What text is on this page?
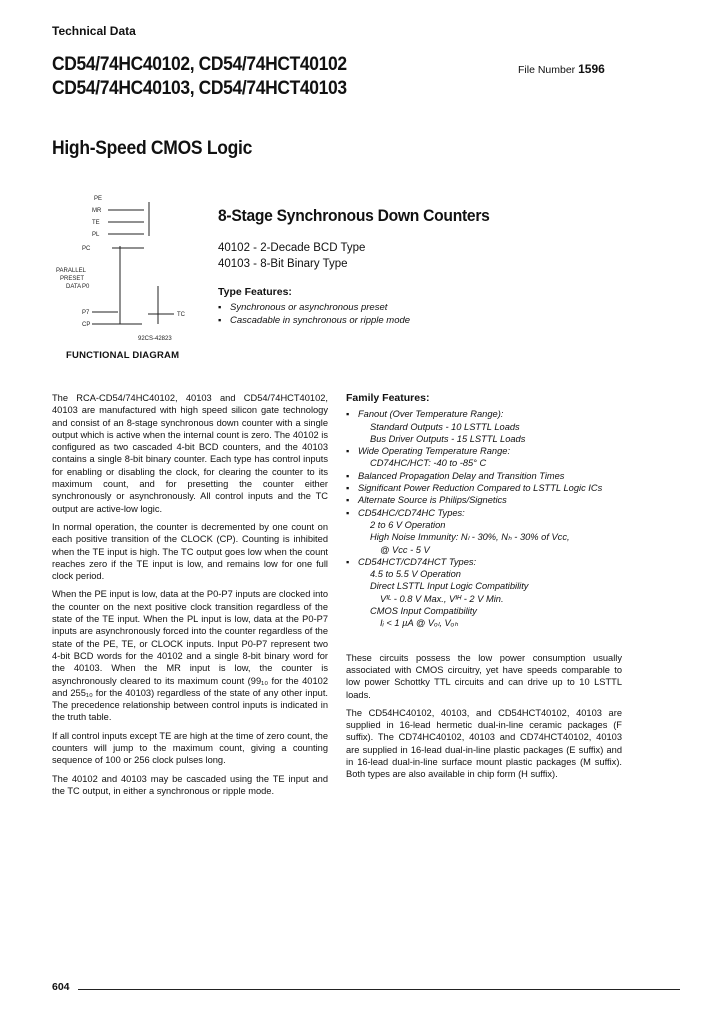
Technical Data
CD54/74HC40102, CD54/74HCT40102
CD54/74HC40103, CD54/74HCT40103
File Number 1596
High-Speed CMOS Logic
PE
MR
TE
PL
PC
PARALLEL
PRESET
DATA P0
P7
CP
TC
92CS-42823
FUNCTIONAL DIAGRAM
8-Stage Synchronous Down Counters
40102 - 2-Decade BCD Type
40103 - 8-Bit Binary Type
Type Features:
▪ Synchronous or asynchronous preset
▪ Cascadable in synchronous or ripple mode

The RCA-CD54/74HC40102, 40103 and CD54/74HCT40102, 40103 are manufactured with high speed silicon gate technology and consist of an 8-stage synchronous down counter with a single output which is active when the internal count is zero. The 40102 is configured as two cascaded 4-bit BCD counters, and the 40103 contains a single 8-bit binary counter. Each type has control inputs for enabling or disabling the clock, for clearing the counter to its maximum count, and for presetting the counter either synchronously or asynchronously. All control inputs and the TC output are active-low logic.

In normal operation, the counter is decremented by one count on each positive transition of the CLOCK (CP). Counting is inhibited when the TE input is high. The TC output goes low when the count reaches zero if the TE input is low, and remains low for one full clock period.

When the PE input is low, data at the P0-P7 inputs are clocked into the counter on the next positive clock transition regardless of the state of the TE input. When the PL input is low, data at the P0-P7 inputs are asynchronously forced into the counter regardless of the state of the PE, TE, or CLOCK inputs. Input P0-P7 represent two 4-bit BCD words for the 40102 and a single 8-bit binary word for the 40103. When the MR input is low, the counter is asynchronously cleared to its maximum count (99₁₀ for the 40102 and 255₁₀ for the 40103) regardless of the state of any other input. The precedence relationship between control inputs is indicated in the truth table.

If all control inputs except TE are high at the time of zero count, the counters will jump to the maximum count, giving a counting sequence of 100 or 256 clock pulses long.

The 40102 and 40103 may be cascaded using the TE input and the TC output, in either a synchronous or ripple mode.

Family Features:
▪ Fanout (Over Temperature Range):
Standard Outputs - 10 LSTTL Loads
Bus Driver Outputs - 15 LSTTL Loads
▪ Wide Operating Temperature Range:
CD74HC/HCT: -40 to -85° C
▪ Balanced Propagation Delay and Transition Times
▪ Significant Power Reduction Compared to LSTTL Logic ICs
▪ Alternate Source is Philips/Signetics
▪ CD54HC/CD74HC Types:
2 to 6 V Operation
High Noise Immunity: Nₗ - 30%, Nₕ - 30% of Vcc,
@ Vcc - 5 V
▪ CD54HCT/CD74HCT Types:
4.5 to 5.5 V Operation
Direct LSTTL Input Logic Compatibility
Vᴵᴸ - 0.8 V Max., Vᴵᴴ - 2 V Min.
CMOS Input Compatibility
Iᵢ < 1 µA @ Vₒₗ, Vₒₕ

These circuits possess the low power consumption usually associated with CMOS circuitry, yet have speeds comparable to low power Schottky TTL circuits and can drive up to 10 LSTTL loads.

The CD54HC40102, 40103, and CD54HCT40102, 40103 are supplied in 16-lead hermetic dual-in-line ceramic packages (F suffix). The CD74HC40102, 40103 and CD74HCT40102, 40103 are supplied in 16-lead dual-in-line plastic packages (E suffix) and in 16-lead dual-in-line surface mount plastic packages (M suffix). Both types are also available in chip form (H suffix).

604
